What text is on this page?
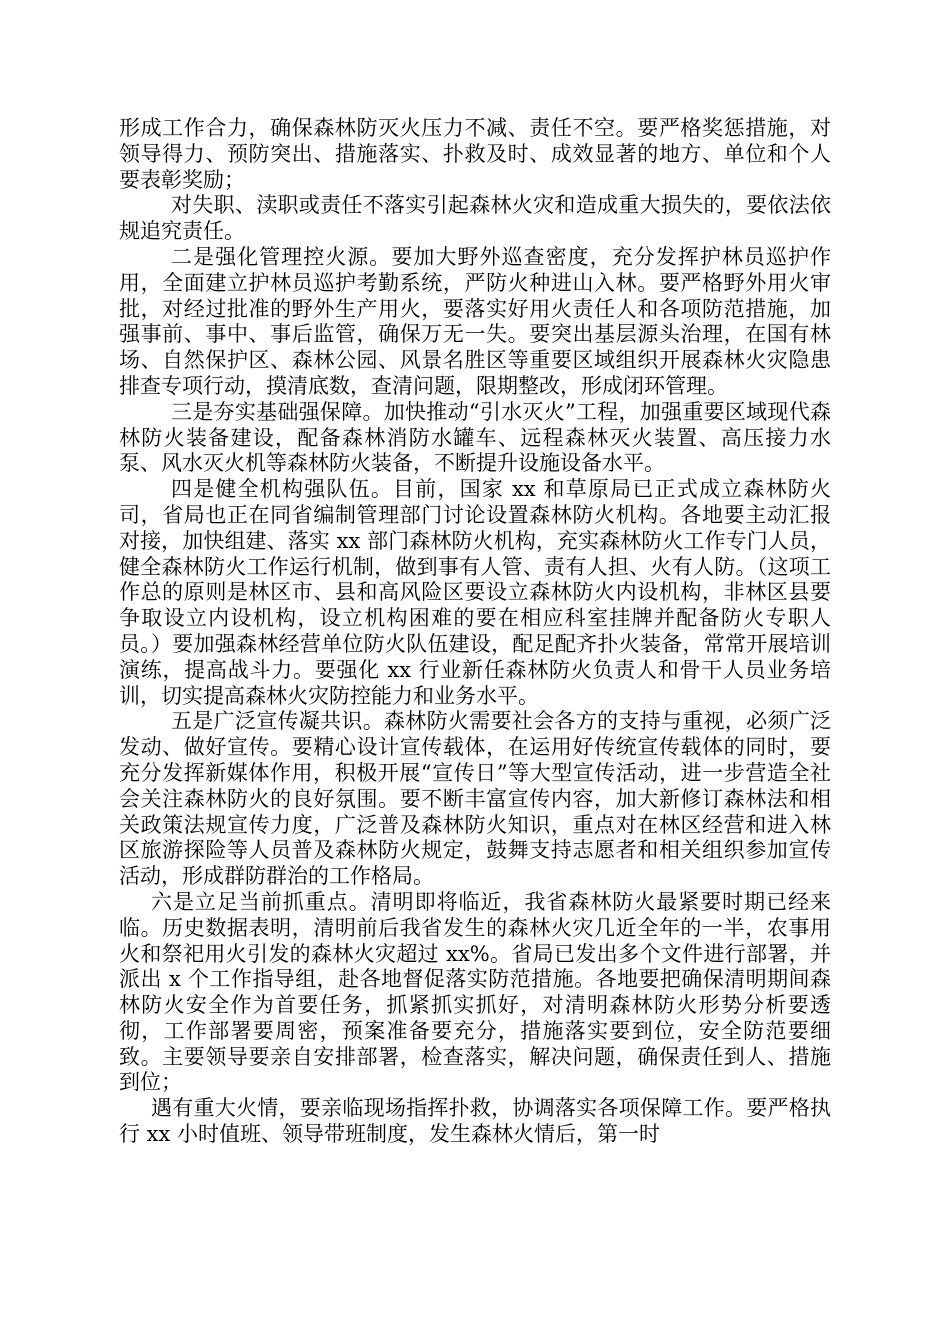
形成工作合力，确保森林防灭火压力不减、责任不空。要严格奖惩措施，对领导得力、预防突出、措施落实、扑救及时、成效显著的地方、单位和个人要表彰奖励；

对失职、渎职或责任不落实引起森林火灾和造成重大损失的，要依法依规追究责任。

二是强化管理控火源。要加大野外巡查密度，充分发挥护林员巡护作用，全面建立护林员巡护考勤系统，严防火种进山入林。要严格野外用火审批，对经过批准的野外生产用火，要落实好用火责任人和各项防范措施，加强事前、事中、事后监管，确保万无一失。要突出基层源头治理，在国有林场、自然保护区、森林公园、风景名胜区等重要区域组织开展森林火灾隐患排查专项行动，摸清底数，查清问题，限期整改，形成闭环管理。

三是夯实基础强保障。加快推动“引水灭火”工程，加强重要区域现代森林防火装备建设，配备森林消防水罐车、远程森林灭火装置、高压接力水泵、风水灭火机等森林防火装备，不断提升设施设备水平。

四是健全机构强队伍。目前，国家 xx 和草原局已正式成立森林防火司，省局也正在同省编制管理部门讨论设置森林防火机构。各地要主动汇报对接，加快组建、落实 xx 部门森林防火机构，充实森林防火工作专门人员，健全森林防火工作运行机制，做到事有人管、责有人担、火有人防。（这项工作总的原则是林区市、县和高风险区要设立森林防火内设机构，非林区县要争取设立内设机构，设立机构困难的要在相应科室挂牌并配备防火专职人员。）要加强森林经营单位防火队伍建设，配足配齐扑火装备，常常开展培训演练，提高战斗力。要强化 xx 行业新任森林防火负责人和骨干人员业务培训，切实提高森林火灾防控能力和业务水平。

五是广泛宣传凝共识。森林防火需要社会各方的支持与重视，必须广泛发动、做好宣传。要精心设计宣传载体，在运用好传统宣传载体的同时，要充分发挥新媒体作用，积极开展“宣传日”等大型宣传活动，进一步营造全社会关注森林防火的良好氛围。要不断丰富宣传内容，加大新修订森林法和相关政策法规宣传力度，广泛普及森林防火知识，重点对在林区经营和进入林区旅游探险等人员普及森林防火规定，鼓舞支持志愿者和相关组织参加宣传活动，形成群防群治的工作格局。

六是立足当前抓重点。清明即将临近，我省森林防火最紧要时期已经来临。历史数据表明，清明前后我省发生的森林火灾几近全年的一半，农事用火和祭祀用火引发的森林火灾超过 xx%。省局已发出多个文件进行部署，并派出 x 个工作指导组，赴各地督促落实防范措施。各地要把确保清明期间森林防火安全作为首要任务，抓紧抓实抓好，对清明森林防火形势分析要透彻，工作部署要周密，预案准备要充分，措施落实要到位，安全防范要细致。主要领导要亲自安排部署，检查落实，解决问题，确保责任到人、措施到位；

遇有重大火情，要亲临现场指挥扑救，协调落实各项保障工作。要严格执行 xx 小时值班、领导带班制度，发生森林火情后，第一时
